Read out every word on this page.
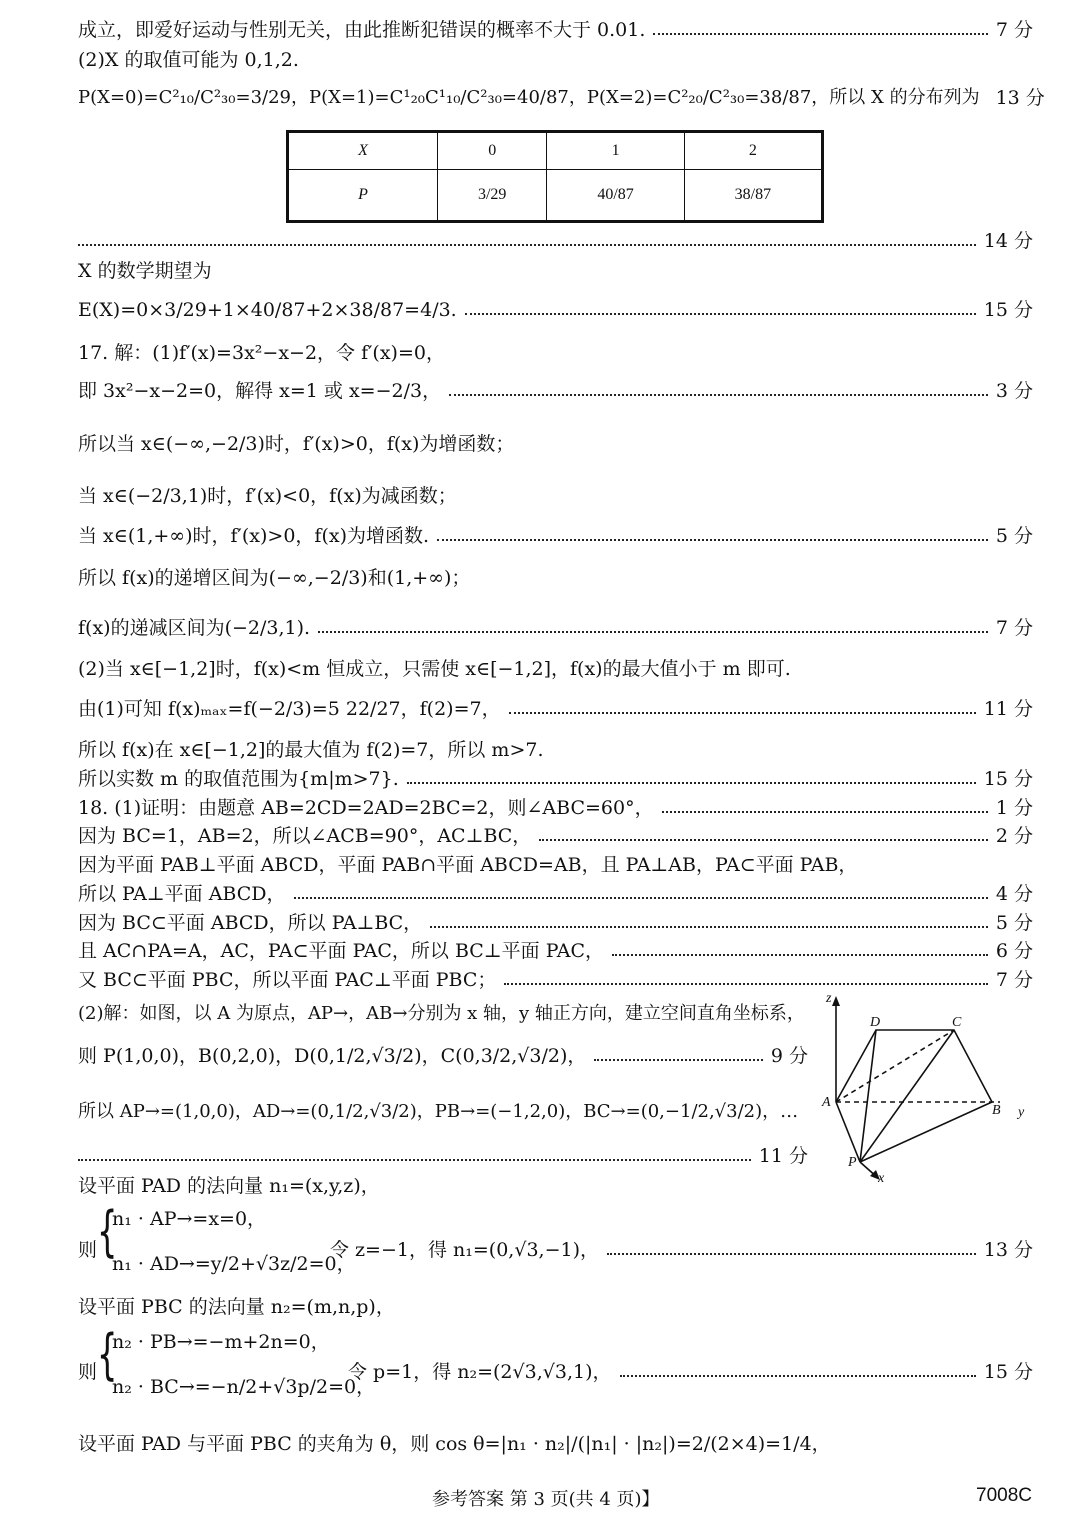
成立，即爱好运动与性别无关，由此推断犯错误的概率不大于 0.01.	7 分
(2)X 的取值可能为 0,1,2.
P(X=0)=C²₁₀/C²₃₀=3/29，P(X=1)=C¹₂₀C¹₁₀/C²₃₀=40/87，P(X=2)=C²₂₀/C²₃₀=38/87，所以 X 的分布列为 13 分
X	0	1	2
P	3/29	40/87	38/87
14 分
X 的数学期望为
E(X)=0×3/29+1×40/87+2×38/87=4/3.	15 分
17. 解：(1)f′(x)=3x²−x−2，令 f′(x)=0，
即 3x²−x−2=0，解得 x=1 或 x=−2/3，	3 分
所以当 x∈(−∞,−2/3)时，f′(x)>0，f(x)为增函数；
当 x∈(−2/3,1)时，f′(x)<0，f(x)为减函数；
当 x∈(1,+∞)时，f′(x)>0，f(x)为增函数.	5 分
所以 f(x)的递增区间为(−∞,−2/3)和(1,+∞)；
f(x)的递减区间为(−2/3,1).	7 分
(2)当 x∈[−1,2]时，f(x)<m 恒成立，只需使 x∈[−1,2]，f(x)的最大值小于 m 即可.
由(1)可知 f(x)ₘₐₓ=f(−2/3)=5 22/27，f(2)=7，	11 分
所以 f(x)在 x∈[−1,2]的最大值为 f(2)=7，所以 m>7.
所以实数 m 的取值范围为{m|m>7}.	15 分
18. (1)证明：由题意 AB=2CD=2AD=2BC=2，则∠ABC=60°，	1 分
因为 BC=1，AB=2，所以∠ACB=90°，AC⊥BC，	2 分
因为平面 PAB⊥平面 ABCD，平面 PAB∩平面 ABCD=AB，且 PA⊥AB，PA⊂平面 PAB，
所以 PA⊥平面 ABCD，	4 分
因为 BC⊂平面 ABCD，所以 PA⊥BC，	5 分
且 AC∩PA=A，AC，PA⊂平面 PAC，所以 BC⊥平面 PAC，	6 分
又 BC⊂平面 PBC，所以平面 PAC⊥平面 PBC；	7 分
(2)解：如图，以 A 为原点，AP→，AB→分别为 x 轴，y 轴正方向，建立空间直角坐标系，
则 P(1,0,0)，B(0,2,0)，D(0,1/2,√3/2)，C(0,3/2,√3/2)，	9 分
所以 AP→=(1,0,0)，AD→=(0,1/2,√3/2)，PB→=(−1,2,0)，BC→=(0,−1/2,√3/2)，…
11 分
设平面 PAD 的法向量 n₁=(x,y,z)，
n₁ · AP→=x=0，
n₁ · AD→=y/2+√3z/2=0，
{
则	令 z=−1，得 n₁=(0,√3,−1)，	13 分
设平面 PBC 的法向量 n₂=(m,n,p)，
n₂ · PB→=−m+2n=0，
n₂ · BC→=−n/2+√3p/2=0，
{
则	令 p=1，得 n₂=(2√3,√3,1)，	15 分
设平面 PAD 与平面 PBC 的夹角为 θ，则 cos θ=|n₁ · n₂|/(|n₁| · |n₂|)=2/(2×4)=1/4，
z
D	C
A
B y
P
x
参考答案 第 3 页(共 4 页)】	7008C
